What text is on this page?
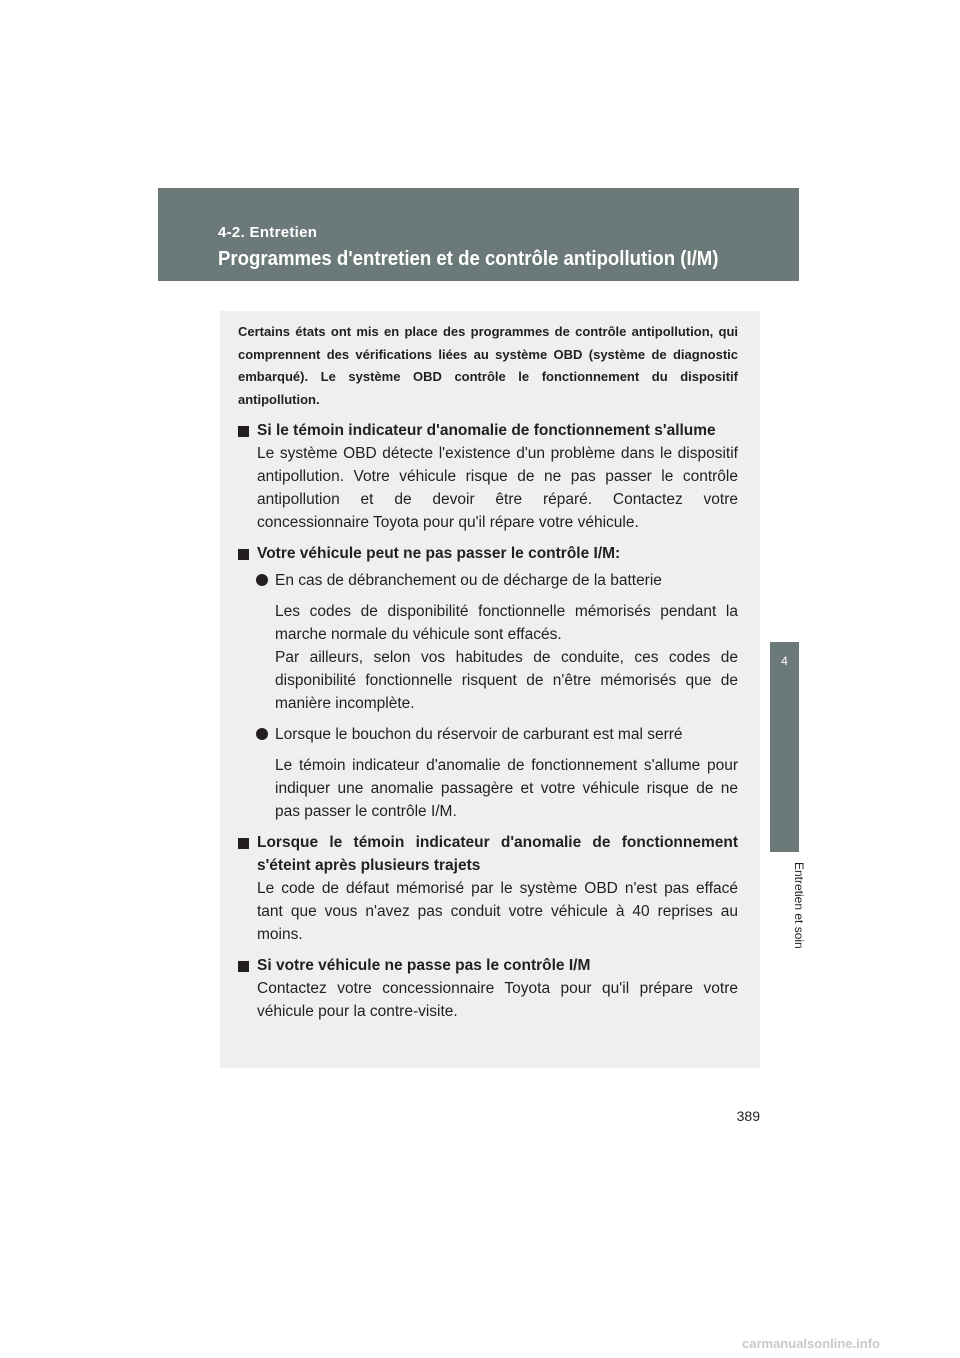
4-2. Entretien
Programmes d'entretien et de contrôle antipollution (I/M)
4
Entretien et soin

Certains états ont mis en place des programmes de contrôle antipollution, qui comprennent des vérifications liées au système OBD (système de diagnostic embarqué). Le système OBD contrôle le fonctionnement du dispositif antipollution.

Si le témoin indicateur d'anomalie de fonctionnement s'allume

Le système OBD détecte l'existence d'un problème dans le dispositif antipollution. Votre véhicule risque de ne pas passer le contrôle antipollution et de devoir être réparé. Contactez votre concessionnaire Toyota pour qu'il répare votre véhicule.

Votre véhicule peut ne pas passer le contrôle I/M:
En cas de débranchement ou de décharge de la batterie

Les codes de disponibilité fonctionnelle mémorisés pendant la marche normale du véhicule sont effacés.

Par ailleurs, selon vos habitudes de conduite, ces codes de disponibilité fonctionnelle risquent de n'être mémorisés que de manière incomplète.

Lorsque le bouchon du réservoir de carburant est mal serré

Le témoin indicateur d'anomalie de fonctionnement s'allume pour indiquer une anomalie passagère et votre véhicule risque de ne pas passer le contrôle I/M.

Lorsque le témoin indicateur d'anomalie de fonctionnement s'éteint après plusieurs trajets

Le code de défaut mémorisé par le système OBD n'est pas effacé tant que vous n'avez pas conduit votre véhicule à 40 reprises au moins.

Si votre véhicule ne passe pas le contrôle I/M

Contactez votre concessionnaire Toyota pour qu'il prépare votre véhicule pour la contre-visite.

389
carmanualsonline.info
